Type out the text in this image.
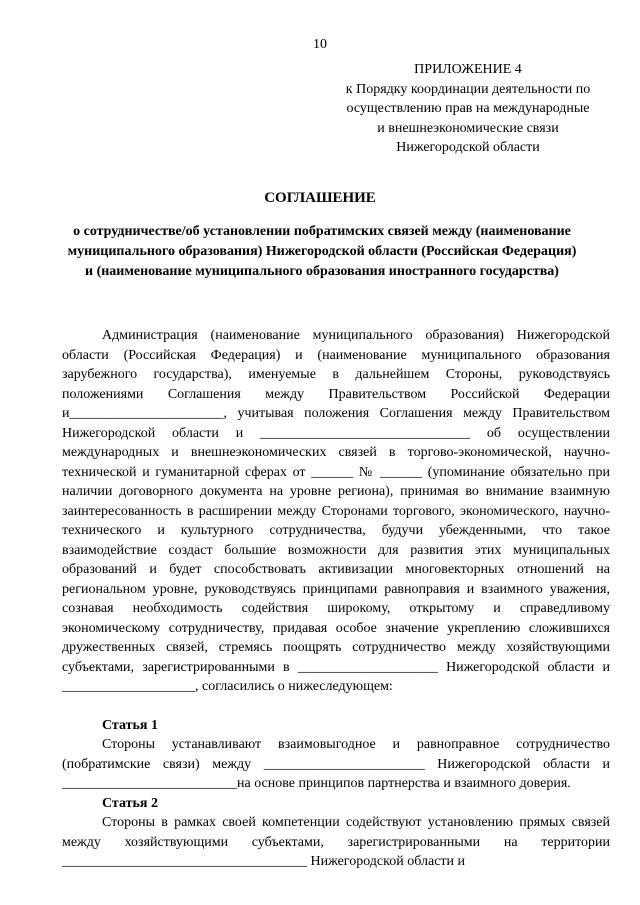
10
ПРИЛОЖЕНИЕ 4
к Порядку координации деятельности по
осуществлению прав на международные
и внешнеэкономические связи
Нижегородской области
СОГЛАШЕНИЕ
о сотрудничестве/об установлении побратимских связей между (наименование муниципального образования) Нижегородской области (Российская Федерация) и (наименование муниципального образования иностранного государства)

Администрация (наименование муниципального образования) Нижегородской области (Российская Федерация) и (наименование муниципального образования зарубежного государства), именуемые в дальнейшем Стороны, руководствуясь положениями Соглашения между Правительством Российской Федерации и______________________, учитывая положения Соглашения между Правительством Нижегородской области и ______________________________ об осуществлении международных и внешнеэкономических связей в торгово-экономической, научно-технической и гуманитарной сферах от ______ № ______ (упоминание обязательно при наличии договорного документа на уровне региона), принимая во внимание взаимную заинтересованность в расширении между Сторонами торгового, экономического, научно-технического и культурного сотрудничества, будучи убежденными, что такое взаимодействие создаст большие возможности для развития этих муниципальных образований и будет способствовать активизации многовекторных отношений на региональном уровне, руководствуясь принципами равноправия и взаимного уважения, сознавая необходимость содействия широкому, открытому и справедливому экономическому сотрудничеству, придавая особое значение укреплению сложившихся дружественных связей, стремясь поощрять сотрудничество между хозяйствующими субъектами, зарегистрированными в ____________________ Нижегородской области и ___________________, согласились о нижеследующем:

Статья 1

Стороны устанавливают взаимовыгодное и равноправное сотрудничество (побратимские связи) между _______________________ Нижегородской области и _________________________на основе принципов партнерства и взаимного доверия.

Статья 2

Стороны в рамках своей компетенции содействуют установлению прямых связей между хозяйствующими субъектами, зарегистрированными на территории ___________________________________ Нижегородской области и
